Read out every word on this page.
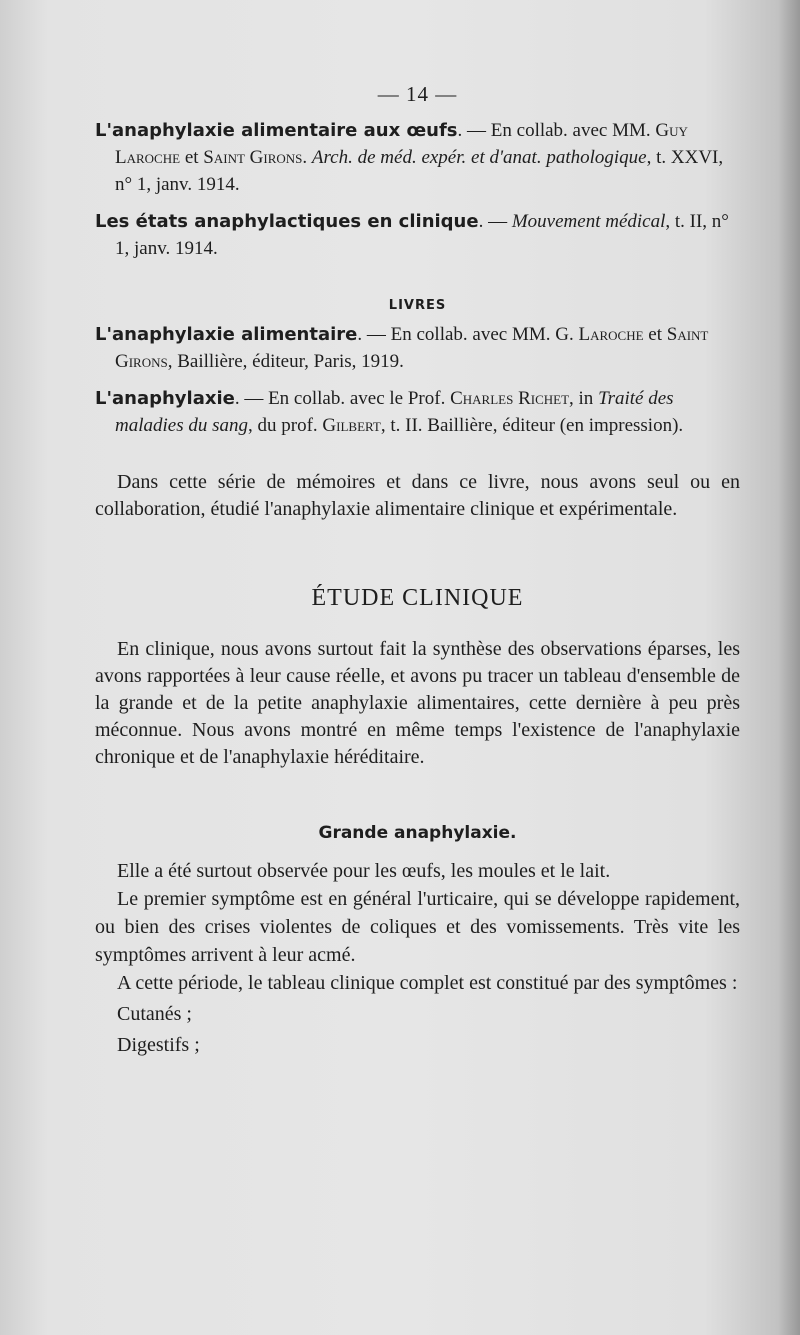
— 14 —

L'anaphylaxie alimentaire aux œufs. — En collab. avec MM. Guy Laroche et Saint Girons. Arch. de méd. expér. et d'anat. pathologique, t. XXVI, n° 1, janv. 1914.

Les états anaphylactiques en clinique. — Mouvement médical, t. II, n° 1, janv. 1914.

LIVRES

L'anaphylaxie alimentaire. — En collab. avec MM. G. Laroche et Saint Girons, Baillière, éditeur, Paris, 1919.

L'anaphylaxie. — En collab. avec le Prof. Charles Richet, in Traité des maladies du sang, du prof. Gilbert, t. II. Baillière, éditeur (en impression).

Dans cette série de mémoires et dans ce livre, nous avons seul ou en collaboration, étudié l'anaphylaxie alimentaire clinique et expérimentale.

ÉTUDE CLINIQUE

En clinique, nous avons surtout fait la synthèse des observations éparses, les avons rapportées à leur cause réelle, et avons pu tracer un tableau d'ensemble de la grande et de la petite anaphylaxie alimentaires, cette dernière à peu près méconnue. Nous avons montré en même temps l'existence de l'anaphylaxie chronique et de l'anaphylaxie héréditaire.

Grande anaphylaxie.

Elle a été surtout observée pour les œufs, les moules et le lait.

Le premier symptôme est en général l'urticaire, qui se développe rapidement, ou bien des crises violentes de coliques et des vomissements. Très vite les symptômes arrivent à leur acmé.

A cette période, le tableau clinique complet est constitué par des symptômes :

Cutanés ;
Digestifs ;
